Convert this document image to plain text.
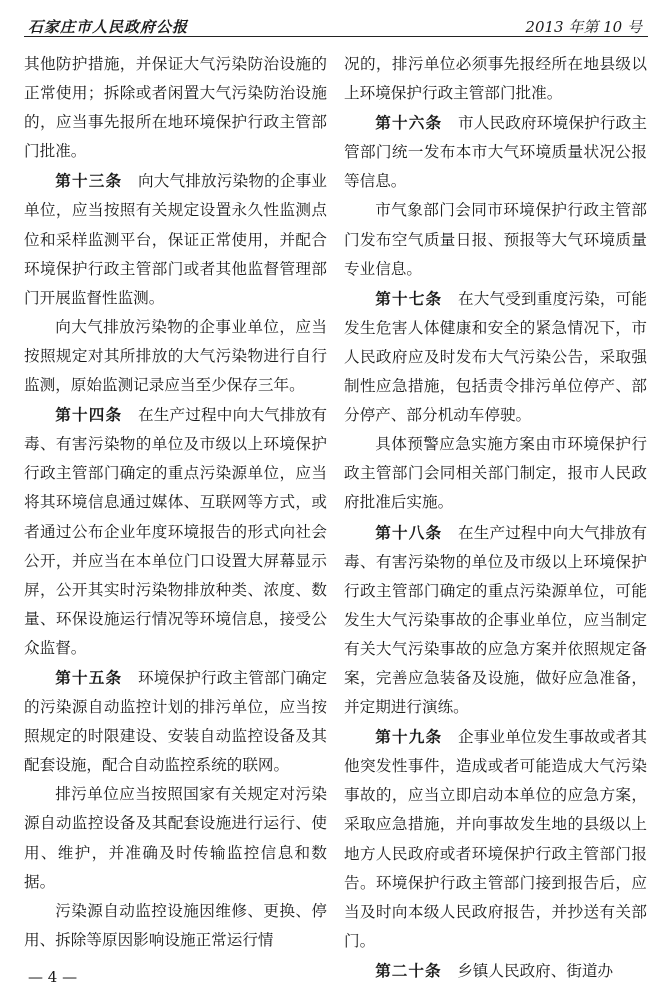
石家庄市人民政府公报	2013 年第 10 号

其他防护措施，并保证大气污染防治设施的正常使用；拆除或者闲置大气污染防治设施的，应当事先报所在地环境保护行政主管部门批准。

第十三条　 向大气排放污染物的企事业单位，应当按照有关规定设置永久性监测点位和采样监测平台，保证正常使用，并配合环境保护行政主管部门或者其他监督管理部门开展监督性监测。

向大气排放污染物的企事业单位，应当按照规定对其所排放的大气污染物进行自行监测，原始监测记录应当至少保存三年。

第十四条　 在生产过程中向大气排放有毒、有害污染物的单位及市级以上环境保护行政主管部门确定的重点污染源单位，应当将其环境信息通过媒体、互联网等方式，或者通过公布企业年度环境报告的形式向社会公开，并应当在本单位门口设置大屏幕显示屏，公开其实时污染物排放种类、浓度、数量、环保设施运行情况等环境信息，接受公众监督。

第十五条　 环境保护行政主管部门确定的污染源自动监控计划的排污单位，应当按照规定的时限建设、安装自动监控设备及其配套设施，配合自动监控系统的联网。

排污单位应当按照国家有关规定对污染源自动监控设备及其配套设施进行运行、使用、维护，并准确及时传输监控信息和数据。

污染源自动监控设施因维修、更换、停用、拆除等原因影响设施正常运行情

况的，排污单位必须事先报经所在地县级以上环境保护行政主管部门批准。

第十六条　 市人民政府环境保护行政主管部门统一发布本市大气环境质量状况公报等信息。

市气象部门会同市环境保护行政主管部门发布空气质量日报、预报等大气环境质量专业信息。

第十七条　 在大气受到重度污染，可能发生危害人体健康和安全的紧急情况下，市人民政府应及时发布大气污染公告，采取强制性应急措施，包括责令排污单位停产、部分停产、部分机动车停驶。

具体预警应急实施方案由市环境保护行政主管部门会同相关部门制定，报市人民政府批准后实施。

第十八条　 在生产过程中向大气排放有毒、有害污染物的单位及市级以上环境保护行政主管部门确定的重点污染源单位，可能发生大气污染事故的企事业单位，应当制定有关大气污染事故的应急方案并依照规定备案，完善应急装备及设施，做好应急准备，并定期进行演练。

第十九条　 企事业单位发生事故或者其他突发性事件，造成或者可能造成大气污染事故的，应当立即启动本单位的应急方案，采取应急措施，并向事故发生地的县级以上地方人民政府或者环境保护行政主管部门报告。环境保护行政主管部门接到报告后，应当及时向本级人民政府报告，并抄送有关部门。

第二十条　 乡镇人民政府、街道办

— 4 —
